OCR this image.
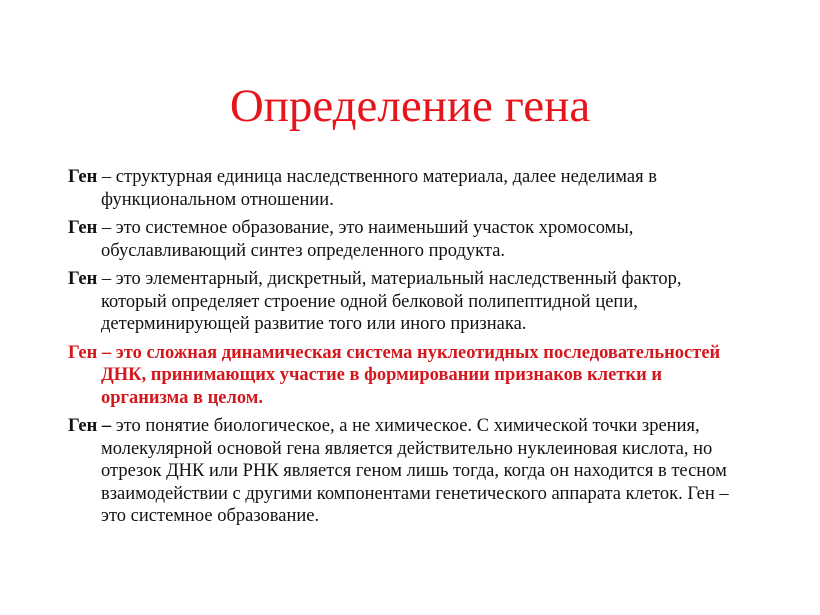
Определение гена

Ген – структурная единица наследственного материала, далее неделимая в функциональном отношении.

Ген – это системное образование, это наименьший участок хромосомы, обуславливающий синтез определенного продукта.

Ген – это элементарный, дискретный, материальный наследственный фактор, который определяет строение одной белковой полипептидной цепи, детерминирующей развитие того или иного признака.

Ген – это сложная динамическая система нуклеотидных последовательностей ДНК, принимающих участие в формировании признаков клетки и организма в целом.

Ген – это понятие биологическое, а не химическое. С химической точки зрения, молекулярной основой гена является действительно нуклеиновая кислота, но отрезок ДНК или РНК является геном лишь тогда, когда он находится в тесном взаимодействии с другими компонентами генетического аппарата клеток. Ген – это системное образование.
